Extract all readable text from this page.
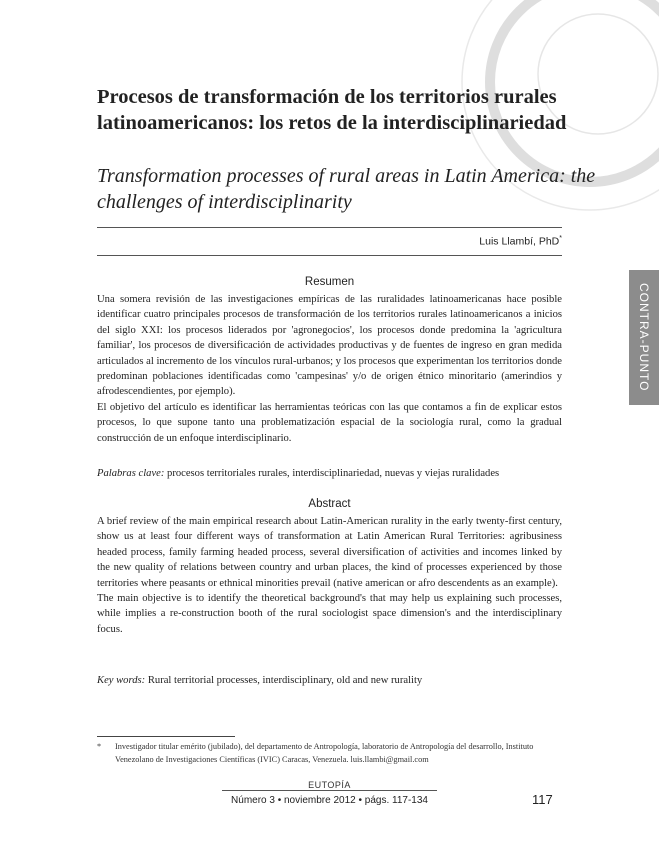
Procesos de transformación de los territorios rurales latinoamericanos: los retos de la interdisciplinariedad
Transformation processes of rural areas in Latin America: the challenges of interdisciplinarity
Luis Llambí, PhD*
CONTRA-PUNTO
Resumen

Una somera revisión de las investigaciones empíricas de las ruralidades latinoamericanas hace posible identificar cuatro principales procesos de transformación de los territorios rurales latinoamericanos a inicios del siglo XXI: los procesos liderados por 'agronegocios', los procesos donde predomina la 'agricultura familiar', los procesos de diversificación de actividades productivas y de fuentes de ingreso en gran medida articulados al incremento de los vínculos rural-urbanos; y los procesos que experimentan los territorios donde predominan poblaciones identificadas como 'campesinas' y/o de origen étnico minoritario (amerindios y afrodescendientes, por ejemplo).

El objetivo del artículo es identificar las herramientas teóricas con las que contamos a fin de explicar estos procesos, lo que supone tanto una problematización espacial de la sociología rural, como la gradual construcción de un enfoque interdisciplinario.

Palabras clave: procesos territoriales rurales, interdisciplinariedad, nuevas y viejas ruralidades
Abstract

A brief review of the main empirical research about Latin-American rurality in the early twenty-first century, show us at least four different ways of transformation at Latin American Rural Territories: agribusiness headed process, family farming headed process, several diversification of activities and incomes linked by the new quality of relations between country and urban places, the kind of processes experienced by those territories where peasants or ethnical minorities prevail (native american or afro descendents as an example).

The main objective is to identify the theoretical background's that may help us explaining such processes, while implies a re-construction booth of the rural sociologist space dimension's and the interdisciplinary focus.

Key words: Rural territorial processes, interdisciplinary, old and new rurality
* Investigador titular emérito (jubilado), del departamento de Antropología, laboratorio de Antropología del desarrollo, Instituto Venezolano de Investigaciones Científicas (IVIC) Caracas, Venezuela. luis.llambi@gmail.com
EUTOPÍA
Número 3 • noviembre 2012 • págs. 117-134	117
